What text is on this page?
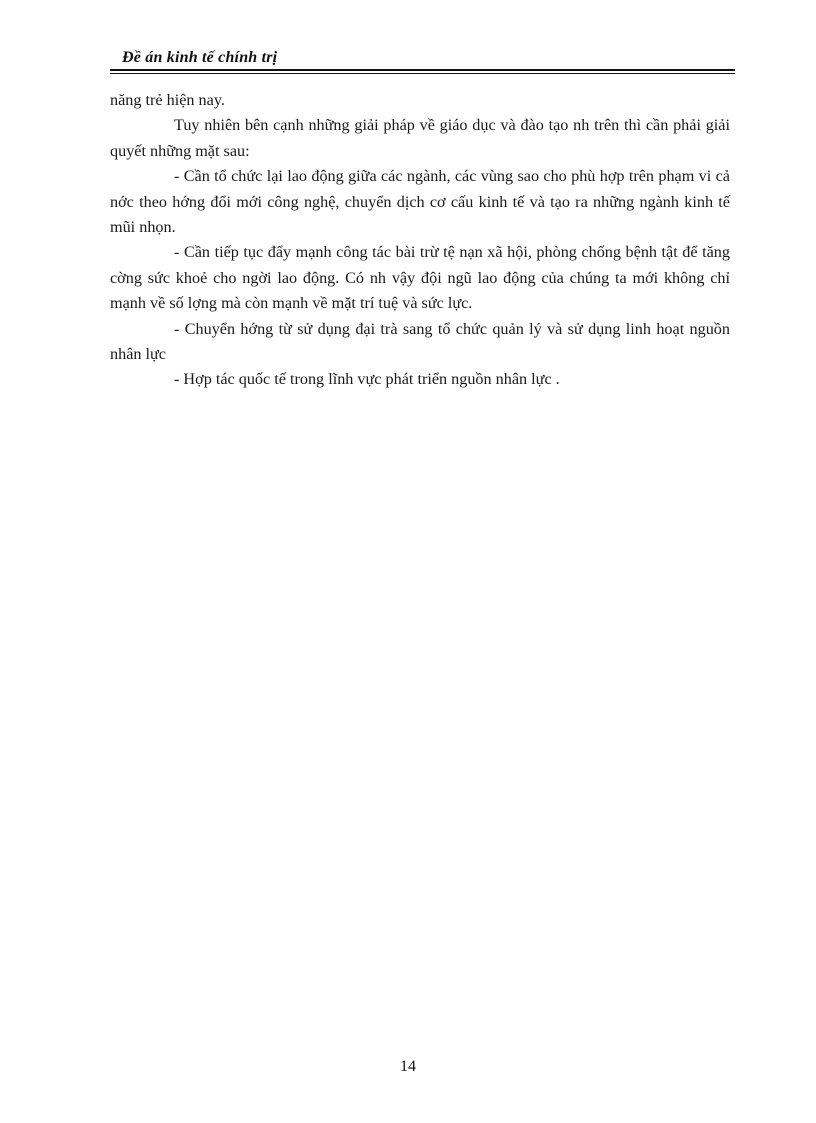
Đề án kinh tế chính trị

năng trẻ hiện nay.

Tuy nhiên bên cạnh những giải pháp về giáo dục và đào tạo nh trên thì cần phải giải quyết những mặt sau:

- Cần tổ chức lại lao động giữa các ngành, các vùng sao cho phù hợp trên phạm vi cả nớc theo hớng đổi mới công nghệ, chuyển dịch cơ cấu kinh tế và tạo ra những ngành kinh tế mũi nhọn.

- Cần tiếp tục đẩy mạnh công tác bài trừ tệ nạn xã hội, phòng chống bệnh tật để tăng cờng sức khoẻ cho ngời lao động. Có nh vậy đội ngũ lao động của chúng ta mới không chỉ mạnh về số lợng mà còn mạnh về mặt trí tuệ và sức lực.

- Chuyển hớng từ sử dụng đại trà sang tổ chức quản lý và sử dụng linh hoạt nguồn nhân lực

- Hợp tác quốc tế trong lĩnh vực phát triển nguồn nhân lực .

14
